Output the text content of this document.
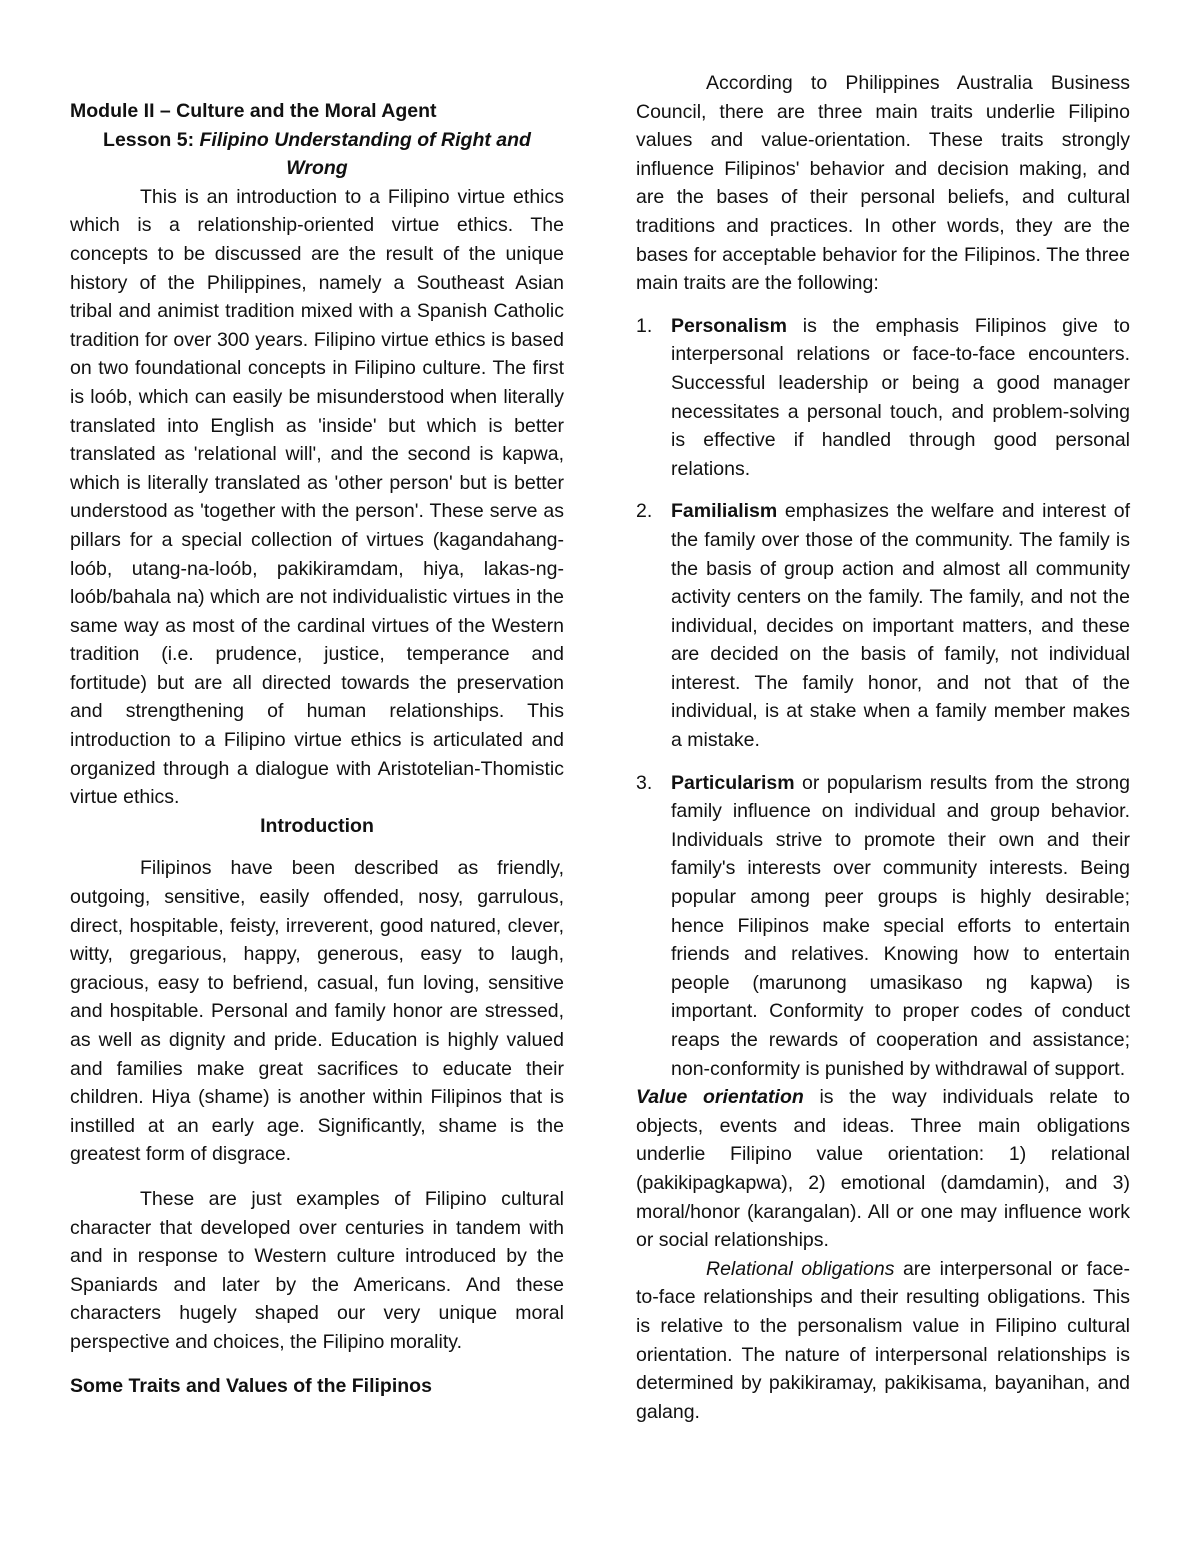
Module II – Culture and the Moral Agent

Lesson 5: Filipino Understanding of Right and Wrong

This is an introduction to a Filipino virtue ethics which is a relationship-oriented virtue ethics. The concepts to be discussed are the result of the unique history of the Philippines, namely a Southeast Asian tribal and animist tradition mixed with a Spanish Catholic tradition for over 300 years. Filipino virtue ethics is based on two foundational concepts in Filipino culture. The first is loób, which can easily be misunderstood when literally translated into English as 'inside' but which is better translated as 'relational will', and the second is kapwa, which is literally translated as 'other person' but is better understood as 'together with the person'. These serve as pillars for a special collection of virtues (kagandahang-loób, utang-na-loób, pakikiramdam, hiya, lakas-ng-loób/bahala na) which are not individualistic virtues in the same way as most of the cardinal virtues of the Western tradition (i.e. prudence, justice, temperance and fortitude) but are all directed towards the preservation and strengthening of human relationships. This introduction to a Filipino virtue ethics is articulated and organized through a dialogue with Aristotelian-Thomistic virtue ethics.

Introduction

Filipinos have been described as friendly, outgoing, sensitive, easily offended, nosy, garrulous, direct, hospitable, feisty, irreverent, good natured, clever, witty, gregarious, happy, generous, easy to laugh, gracious, easy to befriend, casual, fun loving, sensitive and hospitable. Personal and family honor are stressed, as well as dignity and pride. Education is highly valued and families make great sacrifices to educate their children. Hiya (shame) is another within Filipinos that is instilled at an early age. Significantly, shame is the greatest form of disgrace.

These are just examples of Filipino cultural character that developed over centuries in tandem with and in response to Western culture introduced by the Spaniards and later by the Americans. And these characters hugely shaped our very unique moral perspective and choices, the Filipino morality.

Some Traits and Values of the Filipinos

According to Philippines Australia Business Council, there are three main traits underlie Filipino values and value-orientation. These traits strongly influence Filipinos' behavior and decision making, and are the bases of their personal beliefs, and cultural traditions and practices. In other words, they are the bases for acceptable behavior for the Filipinos. The three main traits are the following:

1. Personalism is the emphasis Filipinos give to interpersonal relations or face-to-face encounters. Successful leadership or being a good manager necessitates a personal touch, and problem-solving is effective if handled through good personal relations.
2. Familialism emphasizes the welfare and interest of the family over those of the community. The family is the basis of group action and almost all community activity centers on the family. The family, and not the individual, decides on important matters, and these are decided on the basis of family, not individual interest. The family honor, and not that of the individual, is at stake when a family member makes a mistake.
3. Particularism or popularism results from the strong family influence on individual and group behavior. Individuals strive to promote their own and their family's interests over community interests. Being popular among peer groups is highly desirable; hence Filipinos make special efforts to entertain friends and relatives. Knowing how to entertain people (marunong umasikaso ng kapwa) is important. Conformity to proper codes of conduct reaps the rewards of cooperation and assistance; non-conformity is punished by withdrawal of support.

Value orientation is the way individuals relate to objects, events and ideas. Three main obligations underlie Filipino value orientation: 1) relational (pakikipagkapwa), 2) emotional (damdamin), and 3) moral/honor (karangalan). All or one may influence work or social relationships.

Relational obligations are interpersonal or face-to-face relationships and their resulting obligations. This is relative to the personalism value in Filipino cultural orientation. The nature of interpersonal relationships is determined by pakikiramay, pakikisama, bayanihan, and galang.
